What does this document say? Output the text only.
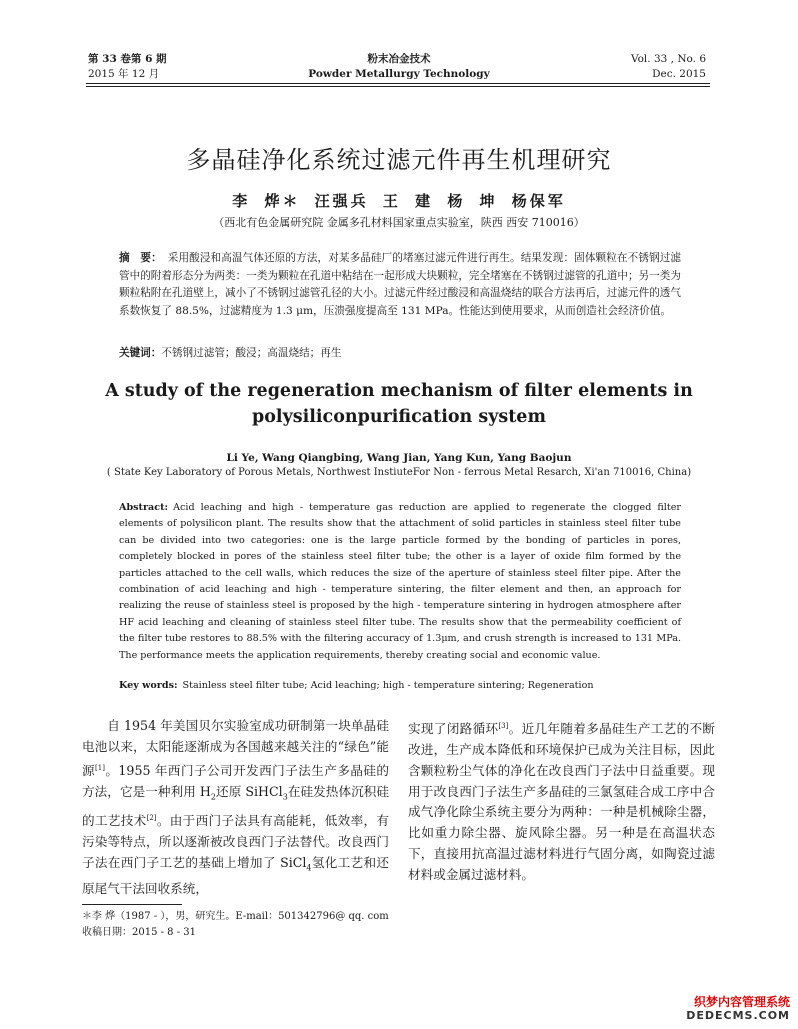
第 33 卷第 6 期
2015 年 12 月
粉末冶金技术
Powder Metallurgy Technology
Vol. 33 , No. 6
Dec. 2015
多晶硅净化系统过滤元件再生机理研究
李 烨＊ 汪强兵 王 建 杨 坤 杨保军
（西北有色金属研究院 金属多孔材料国家重点实验室，陕西 西安 710016）
摘　要： 采用酸浸和高温气体还原的方法，对某多晶硅厂的堵塞过滤元件进行再生。结果发现：固体颗粒在不锈钢过滤管中的附着形态分为两类：一类为颗粒在孔道中粘结在一起形成大块颗粒，完全堵塞在不锈钢过滤管的孔道中；另一类为颗粒粘附在孔道壁上，减小了不锈钢过滤管孔径的大小。过滤元件经过酸浸和高温烧结的联合方法再后，过滤元件的透气系数恢复了 88.5%，过滤精度为 1.3 μm，压溃强度提高至 131 MPa。性能达到使用要求，从而创造社会经济价值。
关键词：不锈钢过滤管；酸浸；高温烧结；再生
A study of the regeneration mechanism of filter elements in
polysiliconpurification system
Li Ye, Wang Qiangbing, Wang Jian, Yang Kun, Yang Baojun
( State Key Laboratory of Porous Metals, Northwest InstiuteFor Non - ferrous Metal Resarch, Xi'an 710016, China)
Abstract: Acid leaching and high - temperature gas reduction are applied to regenerate the clogged filter elements of polysilicon plant. The results show that the attachment of solid particles in stainless steel filter tube can be divided into two categories: one is the large particle formed by the bonding of particles in pores, completely blocked in pores of the stainless steel filter tube; the other is a layer of oxide film formed by the particles attached to the cell walls, which reduces the size of the aperture of stainless steel filter pipe. After the combination of acid leaching and high - temperature sintering, the filter element and then, an approach for realizing the reuse of stainless steel is proposed by the high - temperature sintering in hydrogen atmosphere after HF acid leaching and cleaning of stainless steel filter tube. The results show that the permeability coefficient of the filter tube restores to 88.5% with the filtering accuracy of 1.3μm, and crush strength is increased to 131 MPa. The performance meets the application requirements, thereby creating social and economic value.
Key words: Stainless steel filter tube; Acid leaching; high - temperature sintering; Regeneration

自 1954 年美国贝尔实验室成功研制第一块单晶硅电池以来，太阳能逐渐成为各国越来越关注的“绿色”能源[1]。1955 年西门子公司开发西门子法生产多晶硅的方法，它是一种利用 $H_2$还原 SiHCl$_3$在硅发热体沉积硅的工艺技术[2]。由于西门子法具有高能耗，低效率，有污染等特点，所以逐渐被改良西门子法替代。改良西门子法在西门子工艺的基础上增加了 SiCl$_4$氢化工艺和还原尾气干法回收系统，

实现了闭路循环[3]。近几年随着多晶硅生产工艺的不断改进，生产成本降低和环境保护已成为关注目标，因此含颗粒粉尘气体的净化在改良西门子法中日益重要。现用于改良西门子法生产多晶硅的三氯氢硅合成工序中合成气净化除尘系统主要分为两种：一种是机械除尘器，比如重力除尘器、旋风除尘器。另一种是在高温状态下，直接用抗高温过滤材料进行气固分离，如陶瓷过滤材料或金属过滤材料。

＊李 烨（1987 - ），男，研究生。E-mail：501342796@ qq. com
收稿日期：2015 - 8 - 31
织梦内容管理系统
DEDECMS.COM
